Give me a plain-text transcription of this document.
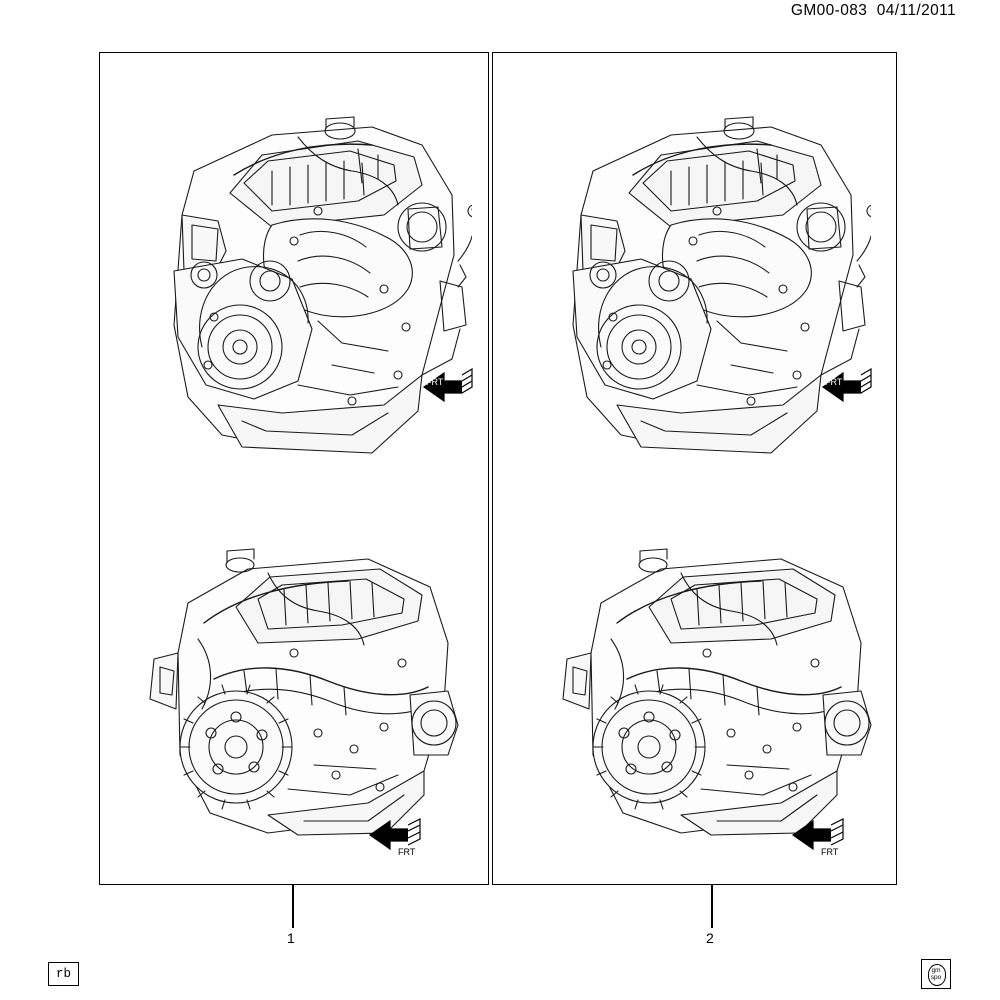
GM00-083 04/11/2011
FRT
FRT
FRT
FRT
1	2
rb	gm
spo
